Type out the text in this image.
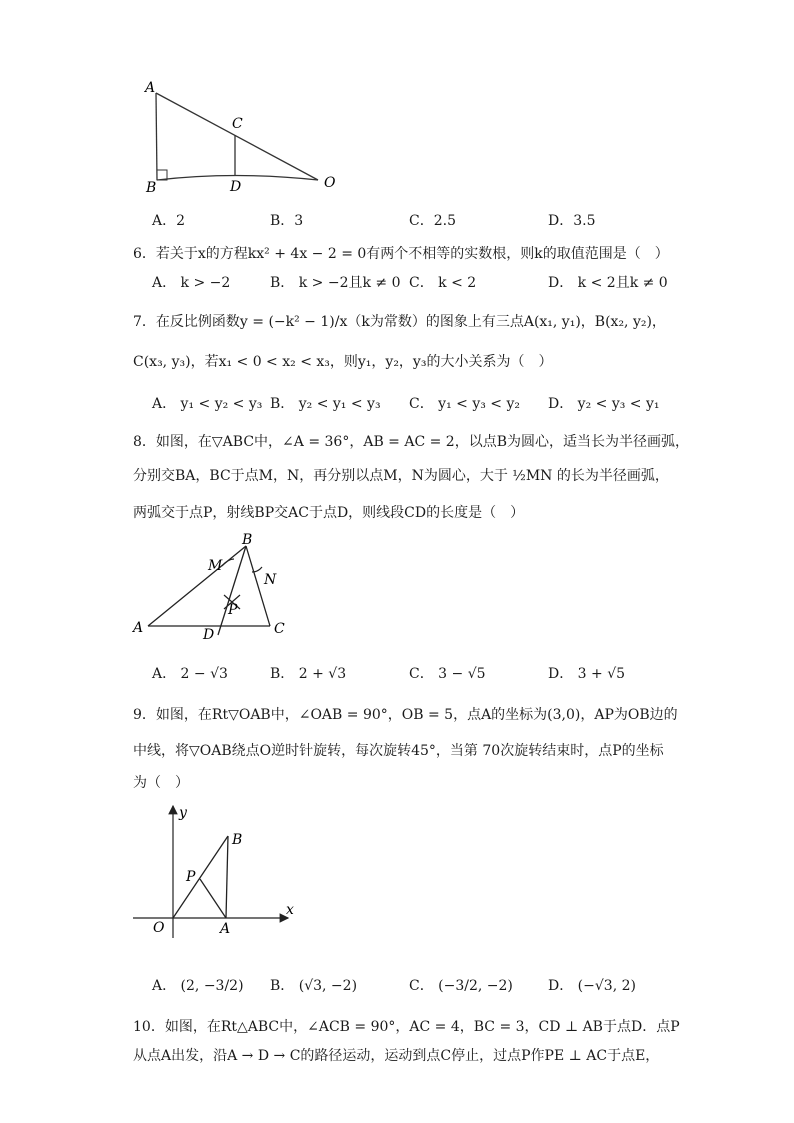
A
B
C
D	O
A．2	B．3	C．2.5	D．3.5
6．若关于x的方程kx² + 4x − 2 = 0有两个不相等的实数根，则k的取值范围是（　）
A． k > −2	B． k > −2且k ≠ 0 C． k < 2	D． k < 2且k ≠ 0
7．在反比例函数y = (−k² − 1)/x（k为常数）的图象上有三点A(x₁, y₁)，B(x₂, y₂)，
C(x₃, y₃)，若x₁ < 0 < x₂ < x₃，则y₁，y₂，y₃的大小关系为（　）
A． y₁ < y₂ < y₃ B． y₂ < y₁ < y₃ C． y₁ < y₃ < y₂ D． y₂ < y₃ < y₁
8．如图，在▽ABC中，∠A = 36°，AB = AC = 2，以点B为圆心，适当长为半径画弧，
分别交BA，BC于点M，N，再分别以点M，N为圆心，大于 ½MN 的长为半径画弧，
两弧交于点P，射线BP交AC于点D，则线段CD的长度是（　）
A
B
C
D
M
N
P
A． 2 − √3	B． 2 + √3	C． 3 − √5	D． 3 + √5
9．如图，在Rt▽OAB中，∠OAB = 90°，OB = 5，点A的坐标为(3,0)，AP为OB边的
中线，将▽OAB绕点O逆时针旋转，每次旋转45°，当第 70次旋转结束时，点P的坐标
为（　）
y
x
O	A
B
P
A． (2, −3/2) B． (√3, −2)	C． (−3/2, −2)	D． (−√3, 2)
10．如图，在Rt△ABC中，∠ACB = 90°，AC = 4，BC = 3，CD ⊥ AB于点D．点P
从点A出发，沿A → D → C的路径运动，运动到点C停止，过点P作PE ⊥ AC于点E，
